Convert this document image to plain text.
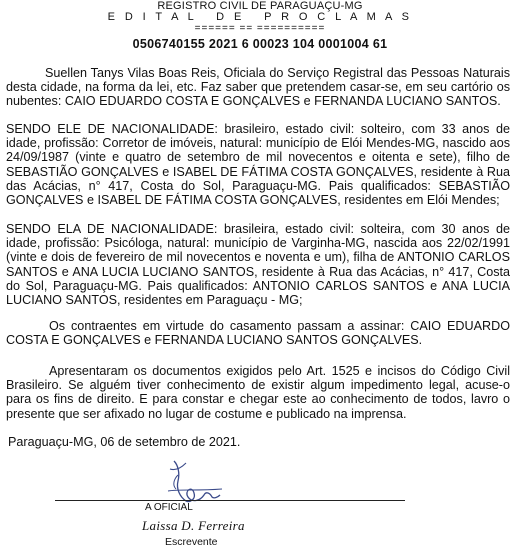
REGISTRO CIVIL DE PARAGUAÇU-MG
E D I T A L   D E   P R O C L A M A S
====== == ==========
0506740155 2021 6 00023 104 0001004 61

Suellen Tanys Vilas Boas Reis, Oficiala do Serviço Registral das Pessoas Naturais desta cidade, na forma da lei, etc. Faz saber que pretendem casar-se, em seu cartório os nubentes: CAIO EDUARDO COSTA E GONÇALVES e FERNANDA LUCIANO SANTOS.

SENDO ELE DE NACIONALIDADE: brasileiro, estado civil: solteiro, com 33 anos de idade, profissão: Corretor de imóveis, natural: município de Elói Mendes-MG, nascido aos 24/09/1987 (vinte e quatro de setembro de mil novecentos e oitenta e sete), filho de SEBASTIÃO GONÇALVES e ISABEL DE FÁTIMA COSTA GONÇALVES, residente à Rua das Acácias, n° 417, Costa do Sol, Paraguaçu-MG. Pais qualificados: SEBASTIÃO GONÇALVES e ISABEL DE FÁTIMA COSTA GONÇALVES, residentes em Elói Mendes;

SENDO ELA DE NACIONALIDADE: brasileira, estado civil: solteira, com 30 anos de idade, profissão: Psicóloga, natural: município de Varginha-MG, nascida aos 22/02/1991 (vinte e dois de fevereiro de mil novecentos e noventa e um), filha de ANTONIO CARLOS SANTOS e ANA LUCIA LUCIANO SANTOS, residente à Rua das Acácias, n° 417, Costa do Sol, Paraguaçu-MG. Pais qualificados: ANTONIO CARLOS SANTOS e ANA LUCIA LUCIANO SANTOS, residentes em Paraguaçu - MG;

Os contraentes em virtude do casamento passam a assinar: CAIO EDUARDO COSTA E GONÇALVES e FERNANDA LUCIANO SANTOS GONÇALVES.

Apresentaram os documentos exigidos pelo Art. 1525 e incisos do Código Civil Brasileiro. Se alguém tiver conhecimento de existir algum impedimento legal, acuse-o para os fins de direito. E para constar e chegar este ao conhecimento de todos, lavro o presente que ser afixado no lugar de costume e publicado na imprensa.

Paraguaçu-MG, 06 de setembro de 2021.
A OFICIAL
Laissa D. Ferreira
Escrevente
